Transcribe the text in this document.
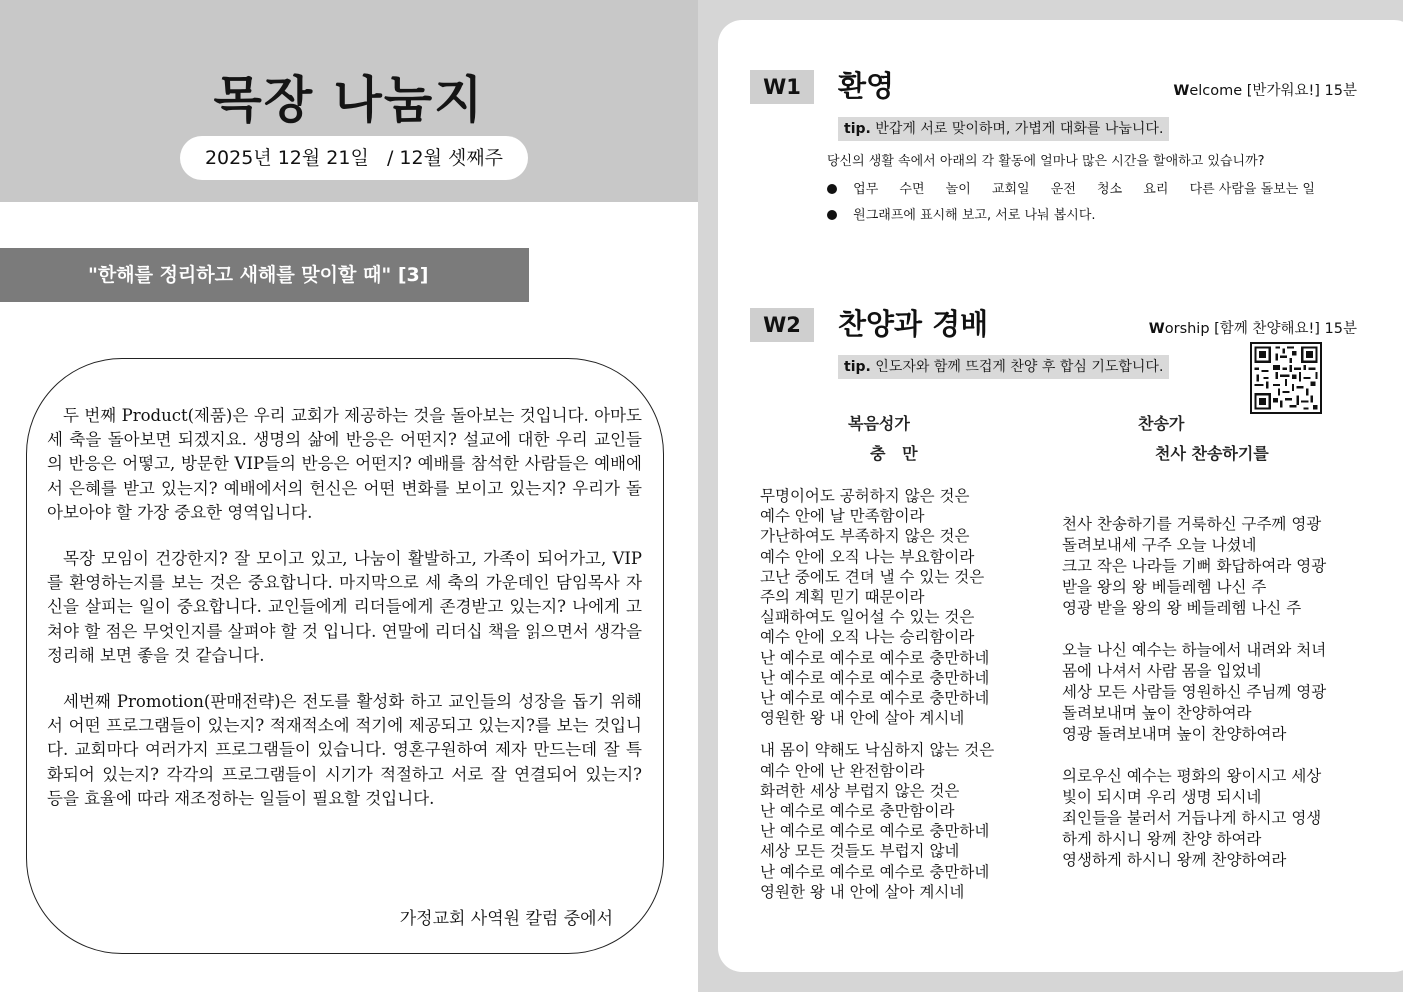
목장 나눔지
2025년 12월 21일 / 12월 셋째주
"한해를 정리하고 새해를 맞이할 때" [3]

두 번째 Product(제품)은 우리 교회가 제공하는 것을 돌아보는 것입니다. 아마도 세 축을 돌아보면 되겠지요. 생명의 삶에 반응은 어떤지? 설교에 대한 우리 교인들의 반응은 어떻고, 방문한 VIP들의 반응은 어떤지? 예배를 참석한 사람들은 예배에서 은혜를 받고 있는지? 예배에서의 헌신은 어떤 변화를 보이고 있는지? 우리가 돌아보아야 할 가장 중요한 영역입니다.

목장 모임이 건강한지? 잘 모이고 있고, 나눔이 활발하고, 가족이 되어가고, VIP를 환영하는지를 보는 것은 중요합니다. 마지막으로 세 축의 가운데인 담임목사 자신을 살피는 일이 중요합니다. 교인들에게 리더들에게 존경받고 있는지? 나에게 고쳐야 할 점은 무엇인지를 살펴야 할 것 입니다. 연말에 리더십 책을 읽으면서 생각을 정리해 보면 좋을 것 같습니다.

세번째 Promotion(판매전략)은 전도를 활성화 하고 교인들의 성장을 돕기 위해서 어떤 프로그램들이 있는지? 적재적소에 적기에 제공되고 있는지?를 보는 것입니다. 교회마다 여러가지 프로그램들이 있습니다. 영혼구원하여 제자 만드는데 잘 특화되어 있는지? 각각의 프로그램들이 시기가 적절하고 서로 잘 연결되어 있는지? 등을 효율에 따라 재조정하는 일들이 필요할 것입니다.

가정교회 사역원 칼럼 중에서
W1	환영	Welcome [반가워요!] 15분
tip. 반갑게 서로 맞이하며, 가볍게 대화를 나눕니다.
당신의 생활 속에서 아래의 각 활동에 얼마나 많은 시간을 할애하고 있습니까?
업무 수면 놀이 교회일 운전 청소 요리 다른 사람을 돌보는 일
원그래프에 표시해 보고, 서로 나눠 봅시다.
W2	찬양과 경배	Worship [함께 찬양해요!] 15분
tip. 인도자와 함께 뜨겁게 찬양 후 합심 기도합니다.
복음성가
충   만
찬송가
천사 찬송하기를
무명이어도 공허하지 않은 것은
예수 안에 날 만족함이라
가난하여도 부족하지 않은 것은
예수 안에 오직 나는 부요함이라
고난 중에도 견뎌 낼 수 있는 것은
주의 계획 믿기 때문이라
실패하여도 일어설 수 있는 것은
예수 안에 오직 나는 승리함이라
난 예수로 예수로 예수로 충만하네
난 예수로 예수로 예수로 충만하네
난 예수로 예수로 예수로 충만하네
영원한 왕 내 안에 살아 계시네
내 몸이 약해도 낙심하지 않는 것은
예수 안에 난 완전함이라
화려한 세상 부럽지 않은 것은
난 예수로 예수로 충만함이라
난 예수로 예수로 예수로 충만하네
세상 모든 것들도 부럽지 않네
난 예수로 예수로 예수로 충만하네
영원한 왕 내 안에 살아 계시네
천사 찬송하기를 거룩하신 구주께 영광
돌려보내세 구주 오늘 나셨네
크고 작은 나라들 기뻐 화답하여라 영광
받을 왕의 왕 베들레헴 나신 주
영광 받을 왕의 왕 베들레헴 나신 주
오늘 나신 예수는 하늘에서 내려와 처녀
몸에 나셔서 사람 몸을 입었네
세상 모든 사람들 영원하신 주님께 영광
돌려보내며 높이 찬양하여라
영광 돌려보내며 높이 찬양하여라
의로우신 예수는 평화의 왕이시고 세상
빛이 되시며 우리 생명 되시네
죄인들을 불러서 거듭나게 하시고 영생
하게 하시니 왕께 찬양 하여라
영생하게 하시니 왕께 찬양하여라
